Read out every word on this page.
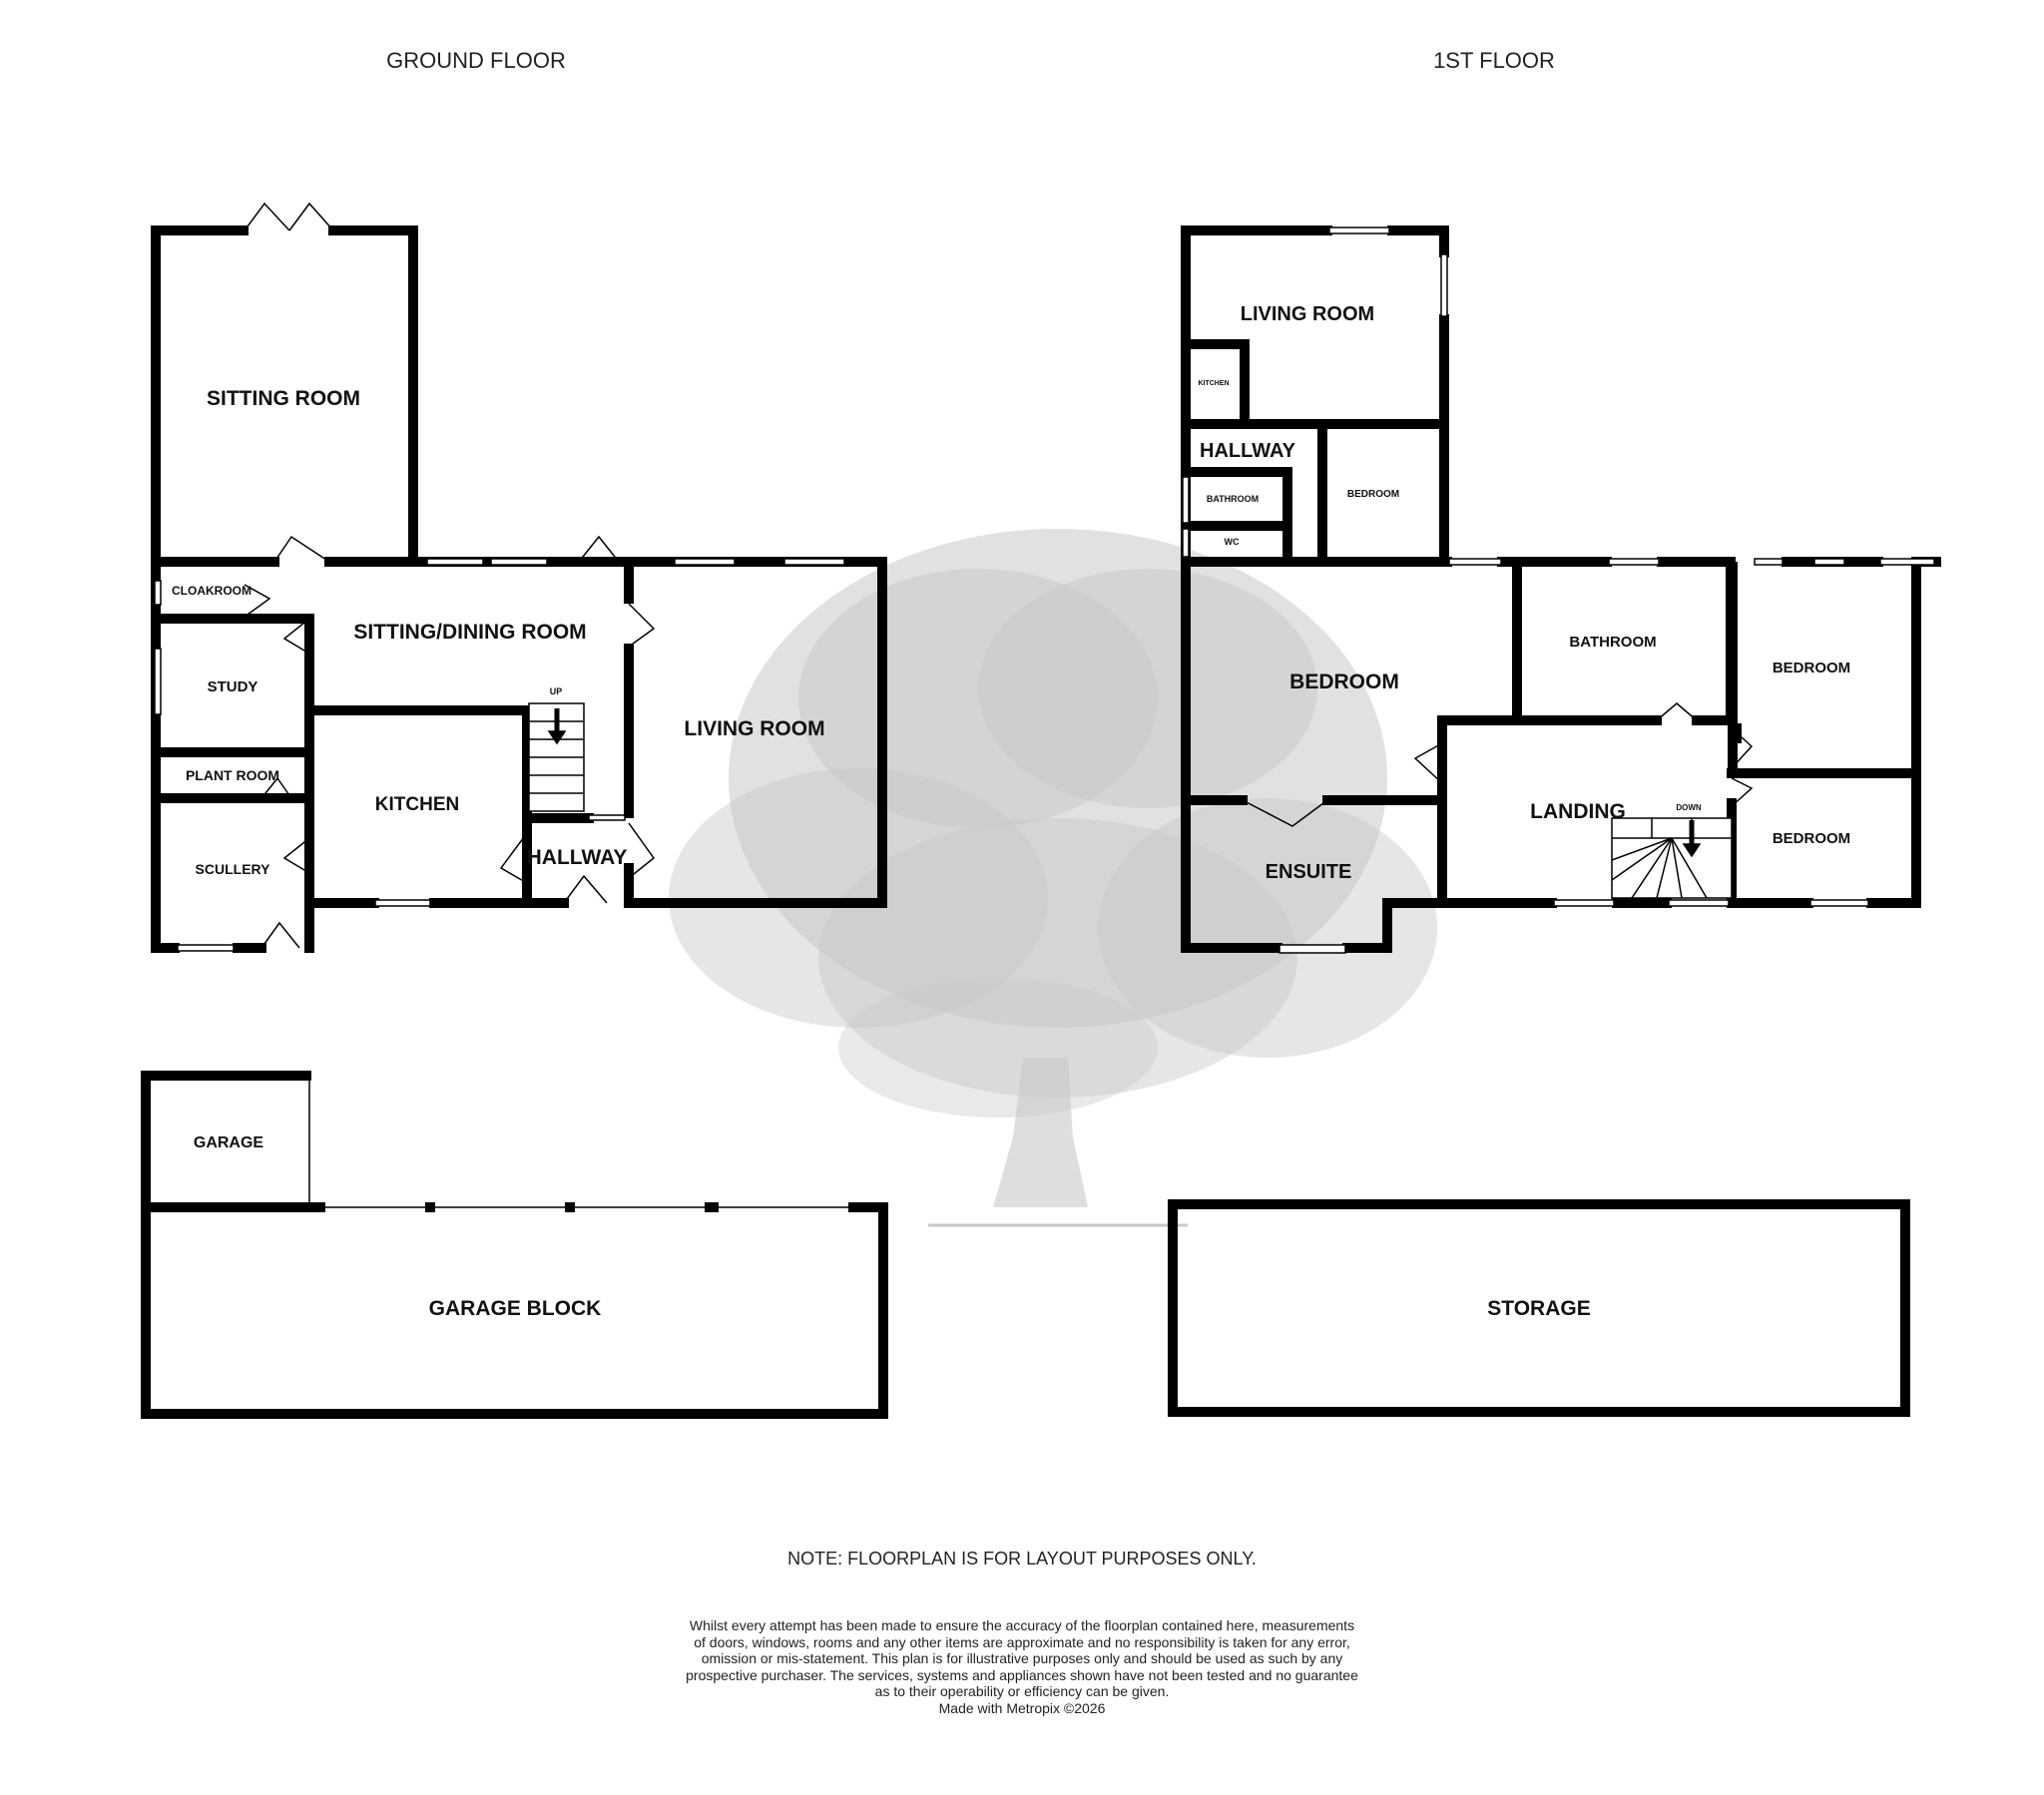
GROUND FLOOR
SITTING ROOM
CLOAKROOM
STUDY
PLANT ROOM
SCULLERY
SITTING/DINING ROOM
UP
KITCHEN
HALLWAY
LIVING ROOM
GARAGE
GARAGE BLOCK
1ST FLOOR
LIVING ROOM
KITCHEN
HALLWAY
BATHROOM
WC
BEDROOM
BEDROOM
ENSUITE
BATHROOM
LANDING	DOWN
BEDROOM
BEDROOM
STORAGE
NOTE: FLOORPLAN IS FOR LAYOUT PURPOSES ONLY.
Whilst every attempt has been made to ensure the accuracy of the floorplan contained here, measurements
of doors, windows, rooms and any other items are approximate and no responsibility is taken for any error,
omission or mis-statement. This plan is for illustrative purposes only and should be used as such by any
prospective purchaser. The services, systems and appliances shown have not been tested and no guarantee
as to their operability or efficiency can be given.
Made with Metropix ©2026
